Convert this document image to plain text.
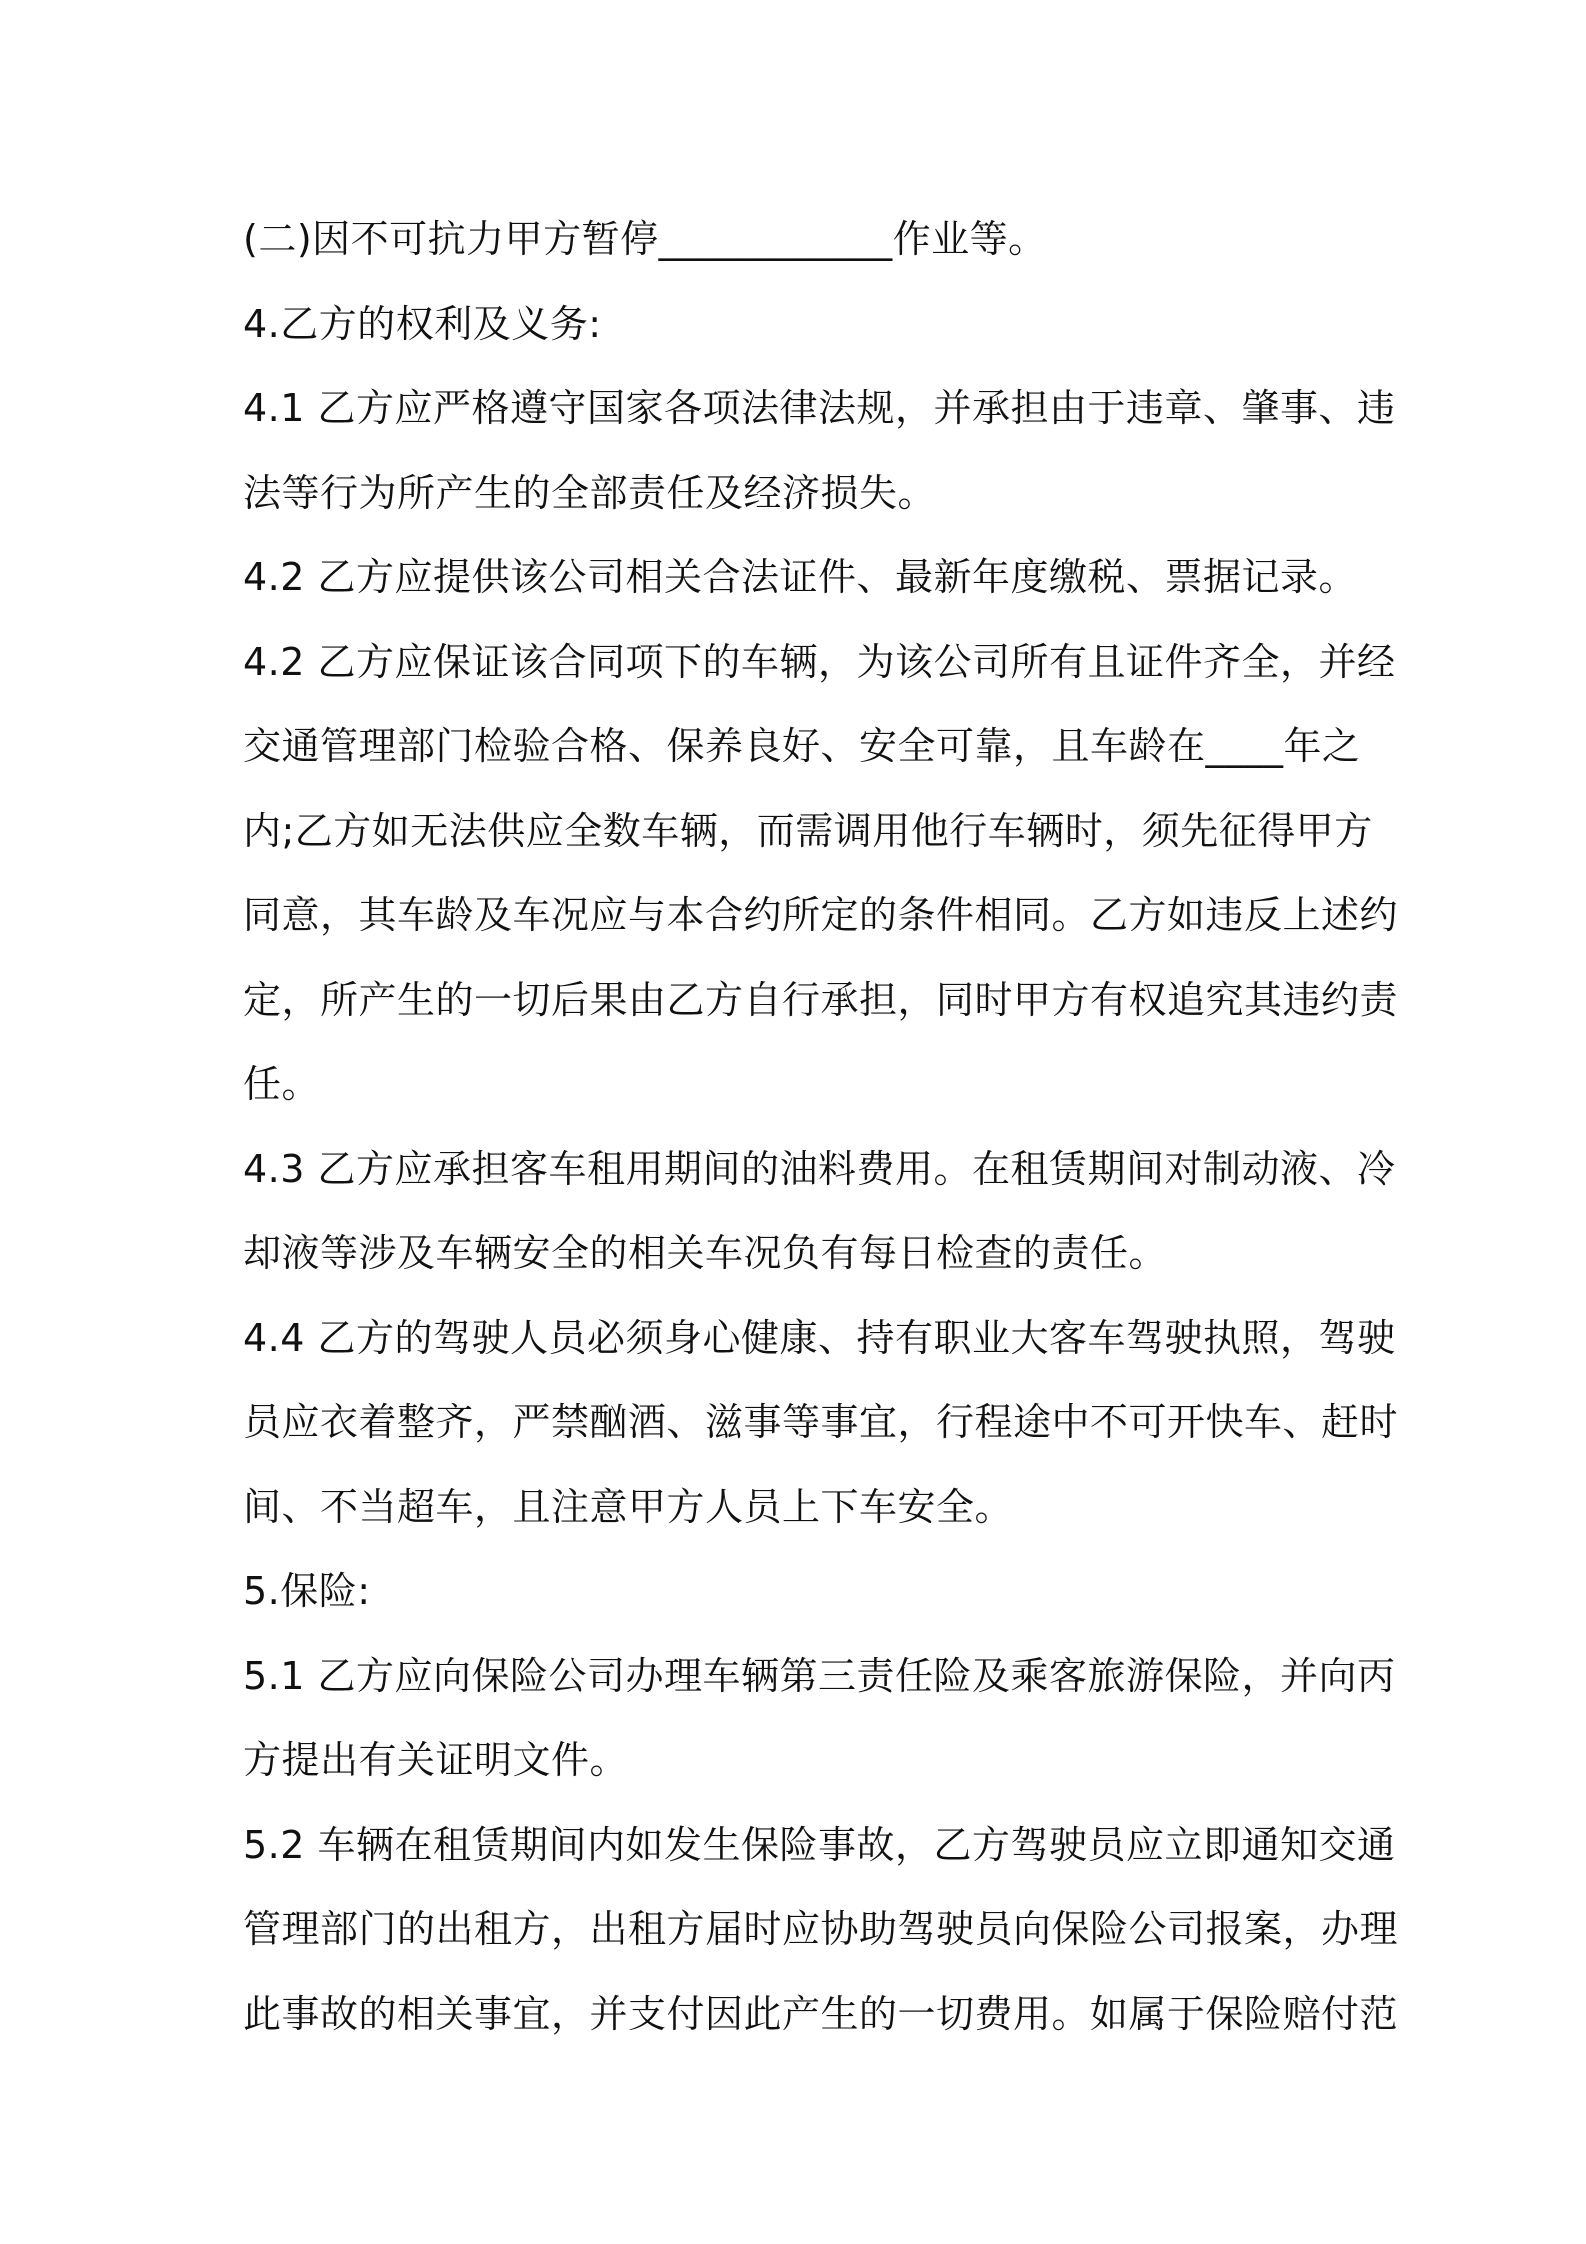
(二)因不可抗力甲方暂停____________作业等。
4.乙方的权利及义务:
4.1 乙方应严格遵守国家各项法律法规，并承担由于违章、肇事、违
法等行为所产生的全部责任及经济损失。
4.2 乙方应提供该公司相关合法证件、最新年度缴税、票据记录。
4.2 乙方应保证该合同项下的车辆，为该公司所有且证件齐全，并经
交通管理部门检验合格、保养良好、安全可靠，且车龄在____年之
内;乙方如无法供应全数车辆，而需调用他行车辆时，须先征得甲方
同意，其车龄及车况应与本合约所定的条件相同。乙方如违反上述约
定，所产生的一切后果由乙方自行承担，同时甲方有权追究其违约责
任。
4.3 乙方应承担客车租用期间的油料费用。在租赁期间对制动液、冷
却液等涉及车辆安全的相关车况负有每日检查的责任。
4.4 乙方的驾驶人员必须身心健康、持有职业大客车驾驶执照，驾驶
员应衣着整齐，严禁酗酒、滋事等事宜，行程途中不可开快车、赶时
间、不当超车，且注意甲方人员上下车安全。
5.保险:
5.1 乙方应向保险公司办理车辆第三责任险及乘客旅游保险，并向丙
方提出有关证明文件。
5.2 车辆在租赁期间内如发生保险事故，乙方驾驶员应立即通知交通
管理部门的出租方，出租方届时应协助驾驶员向保险公司报案，办理
此事故的相关事宜，并支付因此产生的一切费用。如属于保险赔付范
